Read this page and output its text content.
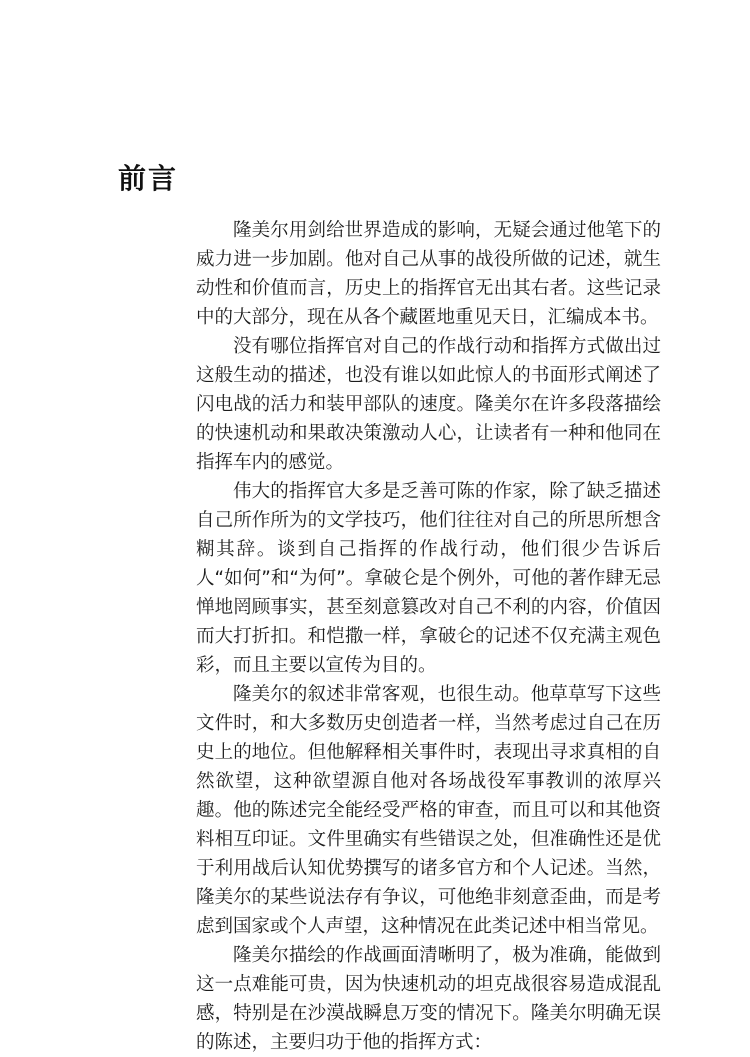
前言

隆美尔用剑给世界造成的影响，无疑会通过他笔下的威力进一步加剧。他对自己从事的战役所做的记述，就生动性和价值而言，历史上的指挥官无出其右者。这些记录中的大部分，现在从各个藏匿地重见天日，汇编成本书。

没有哪位指挥官对自己的作战行动和指挥方式做出过这般生动的描述，也没有谁以如此惊人的书面形式阐述了闪电战的活力和装甲部队的速度。隆美尔在许多段落描绘的快速机动和果敢决策激动人心，让读者有一种和他同在指挥车内的感觉。

伟大的指挥官大多是乏善可陈的作家，除了缺乏描述自己所作所为的文学技巧，他们往往对自己的所思所想含糊其辞。谈到自己指挥的作战行动，他们很少告诉后人“如何”和“为何”。拿破仑是个例外，可他的著作肆无忌惮地罔顾事实，甚至刻意篡改对自己不利的内容，价值因而大打折扣。和恺撒一样，拿破仑的记述不仅充满主观色彩，而且主要以宣传为目的。

隆美尔的叙述非常客观，也很生动。他草草写下这些文件时，和大多数历史创造者一样，当然考虑过自己在历史上的地位。但他解释相关事件时，表现出寻求真相的自然欲望，这种欲望源自他对各场战役军事教训的浓厚兴趣。他的陈述完全能经受严格的审查，而且可以和其他资料相互印证。文件里确实有些错误之处，但准确性还是优于利用战后认知优势撰写的诸多官方和个人记述。当然，隆美尔的某些说法存有争议，可他绝非刻意歪曲，而是考虑到国家或个人声望，这种情况在此类记述中相当常见。

隆美尔描绘的作战画面清晰明了，极为准确，能做到这一点难能可贵，因为快速机动的坦克战很容易造成混乱感，特别是在沙漠战瞬息万变的情况下。隆美尔明确无误的陈述，主要归功于他的指挥方式：
